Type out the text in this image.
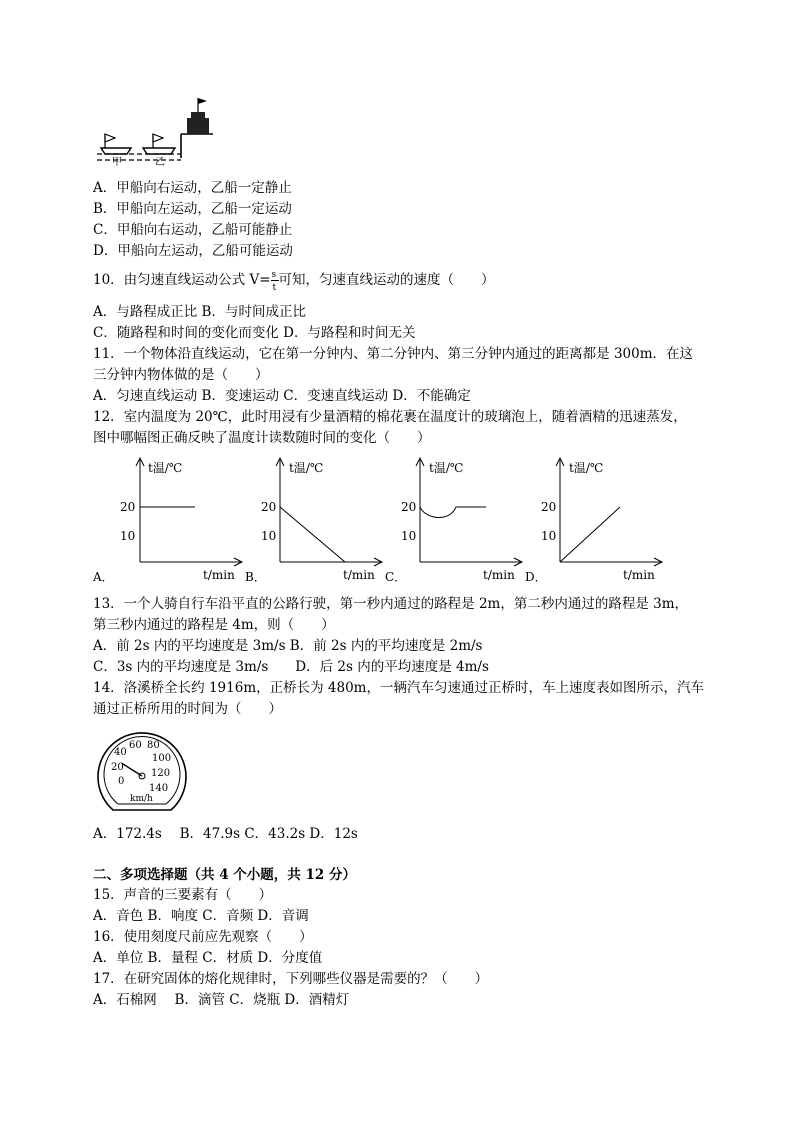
甲	乙
A．甲船向右运动，乙船一定静止
B．甲船向左运动，乙船一定运动
C．甲船向右运动，乙船可能静止
D．甲船向左运动，乙船可能运动
10．由匀速直线运动公式 $V= \frac{s}{t}$ 可知，匀速直线运动的速度（　　）
A．与路程成正比 B．与时间成正比
C．随路程和时间的变化而变化 D．与路程和时间无关
11．一个物体沿直线运动，它在第一分钟内、第二分钟内、第三分钟内通过的距离都是 300m．在这
三分钟内物体做的是（　　）
A．匀速直线运动 B．变速运动 C．变速直线运动 D．不能确定
12．室内温度为 20℃，此时用浸有少量酒精的棉花裹在温度计的玻璃泡上，随着酒精的迅速蒸发，
图中哪幅图正确反映了温度计读数随时间的变化（　　）
A．
t温/℃
20
10
t/min B．
t温/℃
20
10
t/min C．
t温/℃
20
10
t/min D．
t温/℃
20
10
t/min
13．一个人骑自行车沿平直的公路行驶，第一秒内通过的路程是 2m，第二秒内通过的路程是 3m，
第三秒内通过的路程是 4m，则（　　）
A．前 2s 内的平均速度是 3m/s B．前 2s 内的平均速度是 2m/s
C．3s 内的平均速度是 3m/s　　D．后 2s 内的平均速度是 4m/s
14．洛溪桥全长约 1916m，正桥长为 480m，一辆汽车匀速通过正桥时，车上速度表如图所示，汽车
通过正桥所用的时间为（　　）
0
20
40
60 80
100
120
140
km/h
A．172.4s　 B．47.9s C．43.2s D．12s
二、多项选择题（共 4 个小题，共 12 分）
15．声音的三要素有（　　）
A．音色 B．响度 C．音频 D．音调
16．使用刻度尺前应先观察（　　）
A．单位 B．量程 C．材质 D．分度值
17．在研究固体的熔化规律时，下列哪些仪器是需要的？（　　）
A．石棉网　 B．滴管 C．烧瓶 D．酒精灯
